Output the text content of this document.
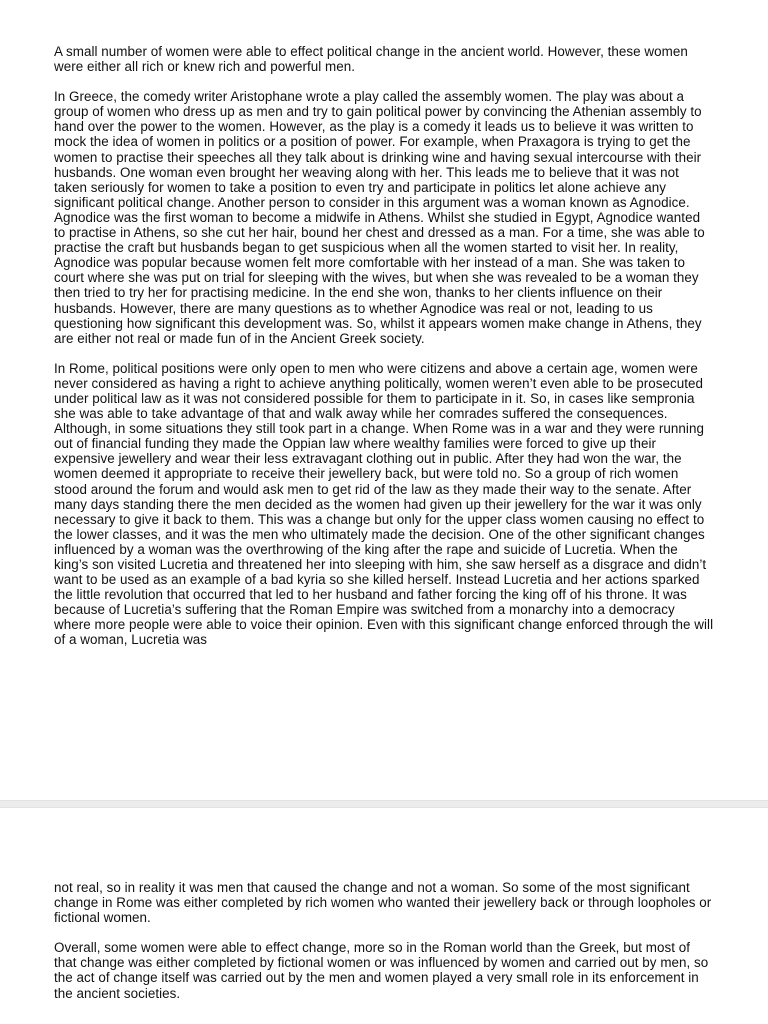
A small number of women were able to effect political change in the ancient world. However, these women were either all rich or knew rich and powerful men.

In Greece, the comedy writer Aristophane wrote a play called the assembly women. The play was about a group of women who dress up as men and try to gain political power by convincing the Athenian assembly to hand over the power to the women. However, as the play is a comedy it leads us to believe it was written to mock the idea of women in politics or a position of power. For example, when Praxagora is trying to get the women to practise their speeches all they talk about is drinking wine and having sexual intercourse with their husbands. One woman even brought her weaving along with her. This leads me to believe that it was not taken seriously for women to take a position to even try and participate in politics let alone achieve any significant political change. Another person to consider in this argument was a woman known as Agnodice. Agnodice was the first woman to become a midwife in Athens. Whilst she studied in Egypt, Agnodice wanted to practise in Athens, so she cut her hair, bound her chest and dressed as a man. For a time, she was able to practise the craft but husbands began to get suspicious when all the women started to visit her. In reality, Agnodice was popular because women felt more comfortable with her instead of a man. She was taken to court where she was put on trial for sleeping with the wives, but when she was revealed to be a woman they then tried to try her for practising medicine. In the end she won, thanks to her clients influence on their husbands. However, there are many questions as to whether Agnodice was real or not, leading to us questioning how significant this development was. So, whilst it appears women make change in Athens, they are either not real or made fun of in the Ancient Greek society.

In Rome, political positions were only open to men who were citizens and above a certain age, women were never considered as having a right to achieve anything politically, women weren’t even able to be prosecuted under political law as it was not considered possible for them to participate in it. So, in cases like sempronia she was able to take advantage of that and walk away while her comrades suffered the consequences. Although, in some situations they still took part in a change. When Rome was in a war and they were running out of financial funding they made the Oppian law where wealthy families were forced to give up their expensive jewellery and wear their less extravagant clothing out in public. After they had won the war, the women deemed it appropriate to receive their jewellery back, but were told no. So a group of rich women stood around the forum and would ask men to get rid of the law as they made their way to the senate. After many days standing there the men decided as the women had given up their jewellery for the war it was only necessary to give it back to them. This was a change but only for the upper class women causing no effect to the lower classes, and it was the men who ultimately made the decision. One of the other significant changes influenced by a woman was the overthrowing of the king after the rape and suicide of Lucretia. When the king’s son visited Lucretia and threatened her into sleeping with him, she saw herself as a disgrace and didn’t want to be used as an example of a bad kyria so she killed herself. Instead Lucretia and her actions sparked the little revolution that occurred that led to her husband and father forcing the king off of his throne. It was because of Lucretia’s suffering that the Roman Empire was switched from a monarchy into a democracy where more people were able to voice their opinion. Even with this significant change enforced through the will of a woman, Lucretia was

not real, so in reality it was men that caused the change and not a woman. So some of the most significant change in Rome was either completed by rich women who wanted their jewellery back or through loopholes or fictional women.

Overall, some women were able to effect change, more so in the Roman world than the Greek, but most of that change was either completed by fictional women or was influenced by women and carried out by men, so the act of change itself was carried out by the men and women played a very small role in its enforcement in the ancient societies.
